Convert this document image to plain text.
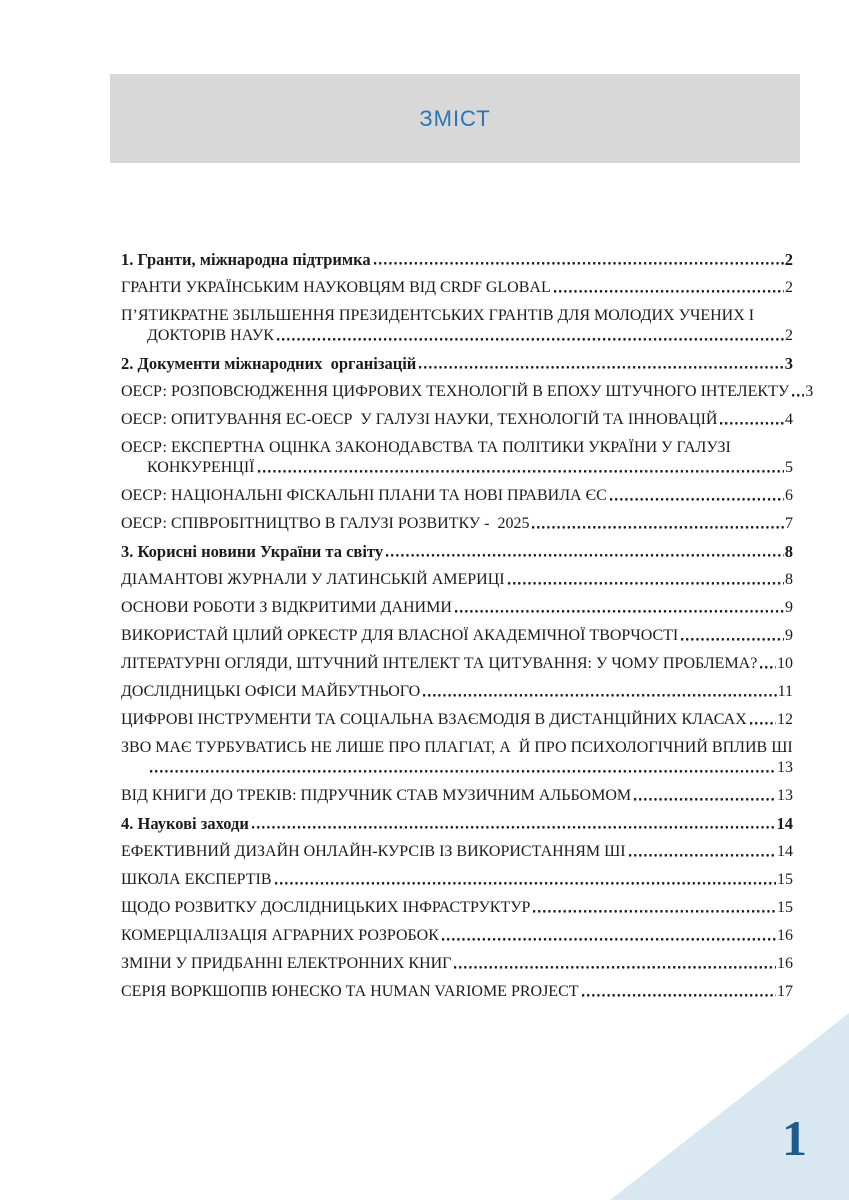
ЗМІСТ
1. Гранти, міжнародна підтримка	2
ГРАНТИ УКРАЇНСЬКИМ НАУКОВЦЯМ ВІД CRDF GLOBAL	2
П’ЯТИКРАТНЕ ЗБІЛЬШЕННЯ ПРЕЗИДЕНТСЬКИХ ГРАНТІВ ДЛЯ МОЛОДИХ УЧЕНИХ І
ДОКТОРІВ НАУК	2
2. Документи міжнародних  організацій	3
ОЕСР: РОЗПОВСЮДЖЕННЯ ЦИФРОВИХ ТЕХНОЛОГІЙ В ЕПОХУ ШТУЧНОГО ІНТЕЛЕКТУ 3
ОЕСР: ОПИТУВАННЯ ЕС-ОЕСР  У ГАЛУЗІ НАУКИ, ТЕХНОЛОГІЙ ТА ІННОВАЦІЙ	4
ОЕСР: ЕКСПЕРТНА ОЦІНКА ЗАКОНОДАВСТВА ТА ПОЛІТИКИ УКРАЇНИ У ГАЛУЗІ
КОНКУРЕНЦІЇ	5
ОЕСР: НАЦІОНАЛЬНІ ФІСКАЛЬНІ ПЛАНИ ТА НОВІ ПРАВИЛА ЄС	6
ОЕСР: СПІВРОБІТНИЦТВО В ГАЛУЗІ РОЗВИТКУ -  2025	7
3. Корисні новини України та світу	8
ДІАМАНТОВІ ЖУРНАЛИ У ЛАТИНСЬКІЙ АМЕРИЦІ	8
ОСНОВИ РОБОТИ З ВІДКРИТИМИ ДАНИМИ	9
ВИКОРИСТАЙ ЦІЛИЙ ОРКЕСТР ДЛЯ ВЛАСНОЇ АКАДЕМІЧНОЇ ТВОРЧОСТІ	9
ЛІТЕРАТУРНІ ОГЛЯДИ, ШТУЧНИЙ ІНТЕЛЕКТ ТА ЦИТУВАННЯ: У ЧОМУ ПРОБЛЕМА? 10
ДОСЛІДНИЦЬКІ ОФІСИ МАЙБУТНЬОГО	11
ЦИФРОВІ ІНСТРУМЕНТИ ТА СОЦІАЛЬНА ВЗАЄМОДІЯ В ДИСТАНЦІЙНИХ КЛАСАХ 12
ЗВО МАЄ ТУРБУВАТИСЬ НЕ ЛИШЕ ПРО ПЛАГІАТ, А  Й ПРО ПСИХОЛОГІЧНИЙ ВПЛИВ ШІ
13
ВІД КНИГИ ДО ТРЕКІВ: ПІДРУЧНИК СТАВ МУЗИЧНИМ АЛЬБОМОМ	13
4. Наукові заходи	14
ЕФЕКТИВНИЙ ДИЗАЙН ОНЛАЙН-КУРСІВ ІЗ ВИКОРИСТАННЯМ ШІ	14
ШКОЛА ЕКСПЕРТІВ	15
ЩОДО РОЗВИТКУ ДОСЛІДНИЦЬКИХ ІНФРАСТРУКТУР	15
КОМЕРЦІАЛІЗАЦІЯ АГРАРНИХ РОЗРОБОК	16
ЗМІНИ У ПРИДБАННІ ЕЛЕКТРОННИХ КНИГ	16
СЕРІЯ ВОРКШОПІВ ЮНЕСКО ТА HUMAN VARIOME PROJECT	17
1
